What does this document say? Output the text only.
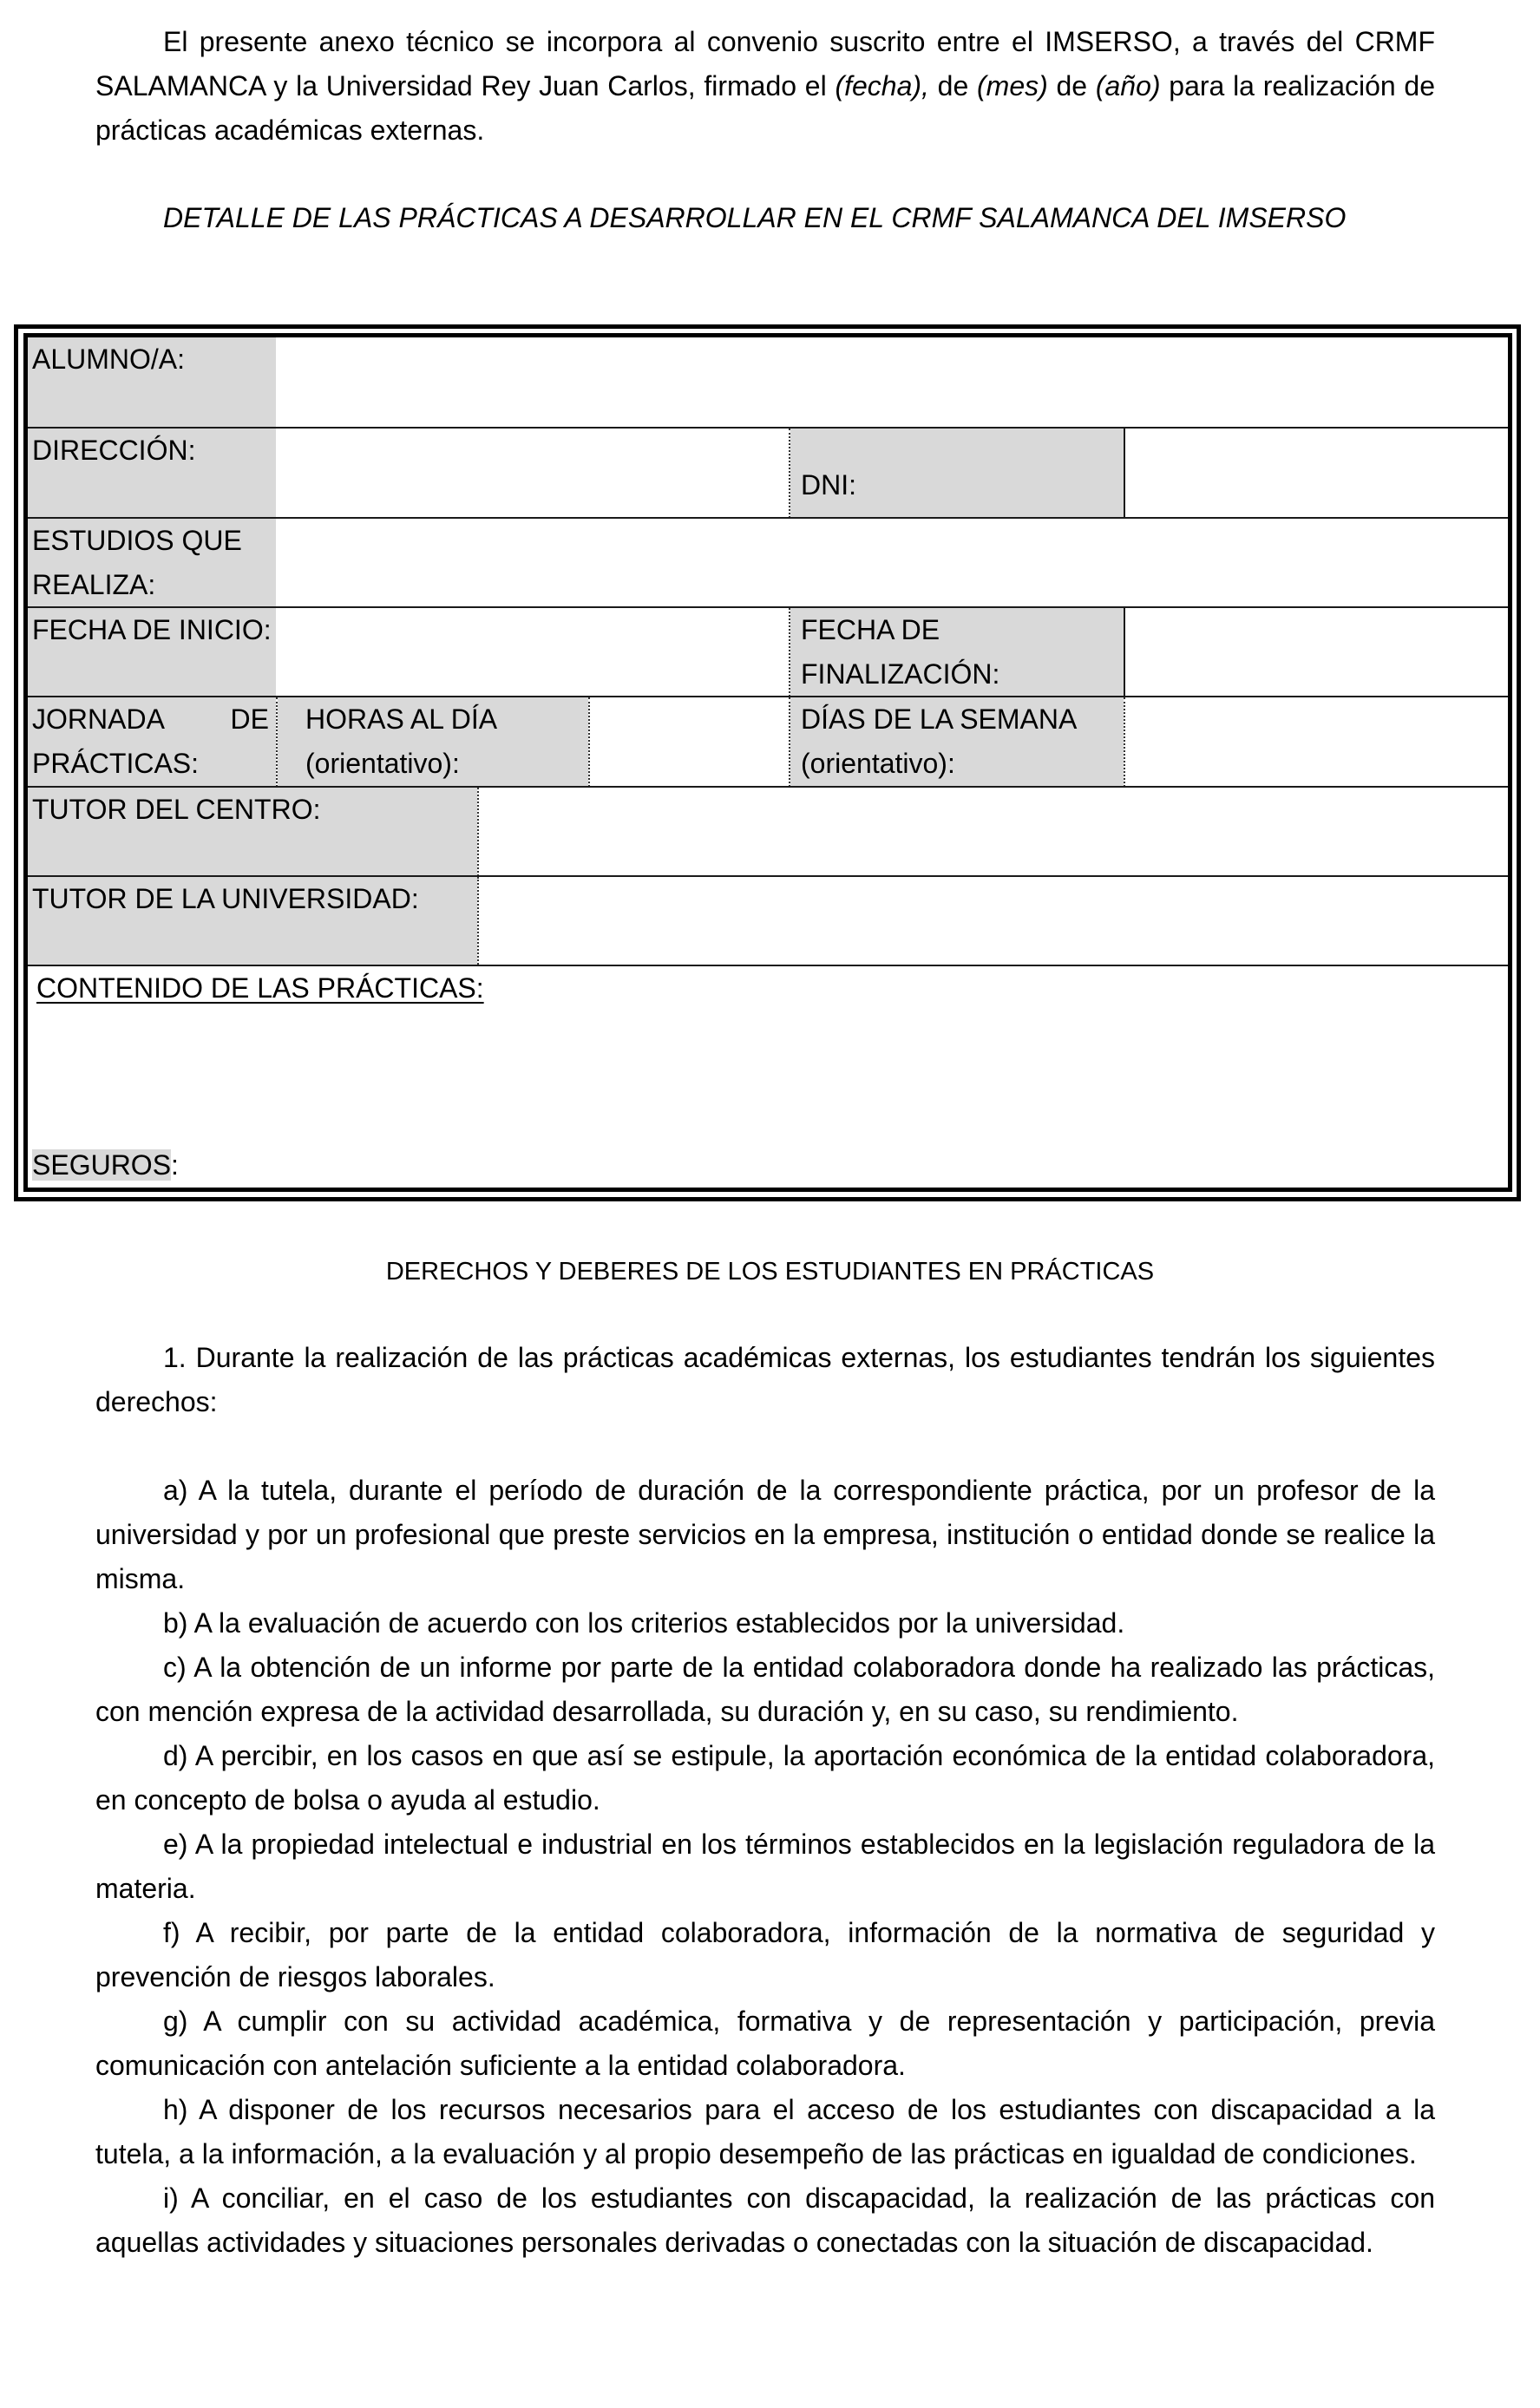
El presente anexo técnico se incorpora al convenio suscrito entre el IMSERSO, a través del CRMF SALAMANCA y la Universidad Rey Juan Carlos, firmado el (fecha), de (mes) de (año) para la realización de prácticas académicas externas.

DETALLE DE LAS PRÁCTICAS A DESARROLLAR EN EL CRMF SALAMANCA DEL IMSERSO

ALUMNO/A:
DIRECCIÓN:
DNI:
ESTUDIOS QUE REALIZA:
FECHA DE INICIO:	FECHA DE FINALIZACIÓN:
JORNADA DE PRÁCTICAS:
HORAS AL DÍA (orientativo):
DÍAS DE LA SEMANA (orientativo):
TUTOR DEL CENTRO:
TUTOR DE LA UNIVERSIDAD:
CONTENIDO DE LAS PRÁCTICAS:
SEGUROS:

DERECHOS Y DEBERES DE LOS ESTUDIANTES EN PRÁCTICAS

1. Durante la realización de las prácticas académicas externas, los estudiantes tendrán los siguientes derechos:

a) A la tutela, durante el período de duración de la correspondiente práctica, por un profesor de la universidad y por un profesional que preste servicios en la empresa, institución o entidad donde se realice la misma.

b) A la evaluación de acuerdo con los criterios establecidos por la universidad.

c) A la obtención de un informe por parte de la entidad colaboradora donde ha realizado las prácticas, con mención expresa de la actividad desarrollada, su duración y, en su caso, su rendimiento.

d) A percibir, en los casos en que así se estipule, la aportación económica de la entidad colaboradora, en concepto de bolsa o ayuda al estudio.

e) A la propiedad intelectual e industrial en los términos establecidos en la legislación reguladora de la materia.

f) A recibir, por parte de la entidad colaboradora, información de la normativa de seguridad y prevención de riesgos laborales.

g) A cumplir con su actividad académica, formativa y de representación y participación, previa comunicación con antelación suficiente a la entidad colaboradora.

h) A disponer de los recursos necesarios para el acceso de los estudiantes con discapacidad a la tutela, a la información, a la evaluación y al propio desempeño de las prácticas en igualdad de condiciones.

i) A conciliar, en el caso de los estudiantes con discapacidad, la realización de las prácticas con aquellas actividades y situaciones personales derivadas o conectadas con la situación de discapacidad.
